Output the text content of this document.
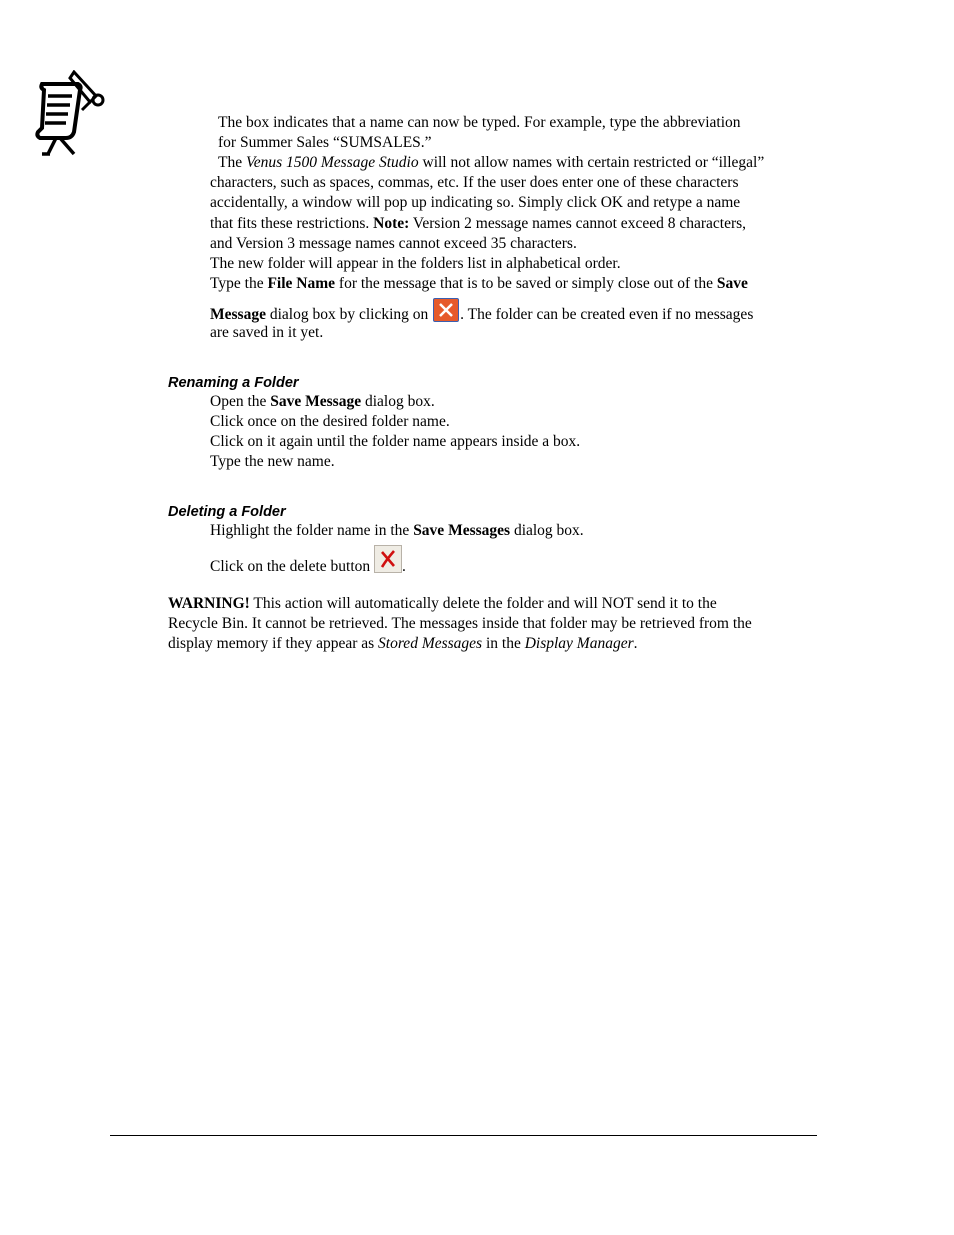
The box indicates that a name can now be typed. For example, type the abbreviation
for Summer Sales “SUMSALES.”
The Venus 1500 Message Studio will not allow names with certain restricted or “illegal”
characters, such as spaces, commas, etc. If the user does enter one of these characters
accidentally, a window will pop up indicating so. Simply click OK and retype a name
that fits these restrictions. Note: Version 2 message names cannot exceed 8 characters,
and Version 3 message names cannot exceed 35 characters.
The new folder will appear in the folders list in alphabetical order.
Type the File Name for the message that is to be saved or simply close out of the Save
Message dialog box by clicking on
. The folder can be created even if no messages
are saved in it yet.
Renaming a Folder
Open the Save Message dialog box.
Click once on the desired folder name.
Click on it again until the folder name appears inside a box.
Type the new name.
Deleting a Folder
Highlight the folder name in the Save Messages dialog box.
Click on the delete button
.
WARNING! This action will automatically delete the folder and will NOT send it to the
Recycle Bin. It cannot be retrieved. The messages inside that folder may be retrieved from the
display memory if they appear as Stored Messages in the Display Manager.
